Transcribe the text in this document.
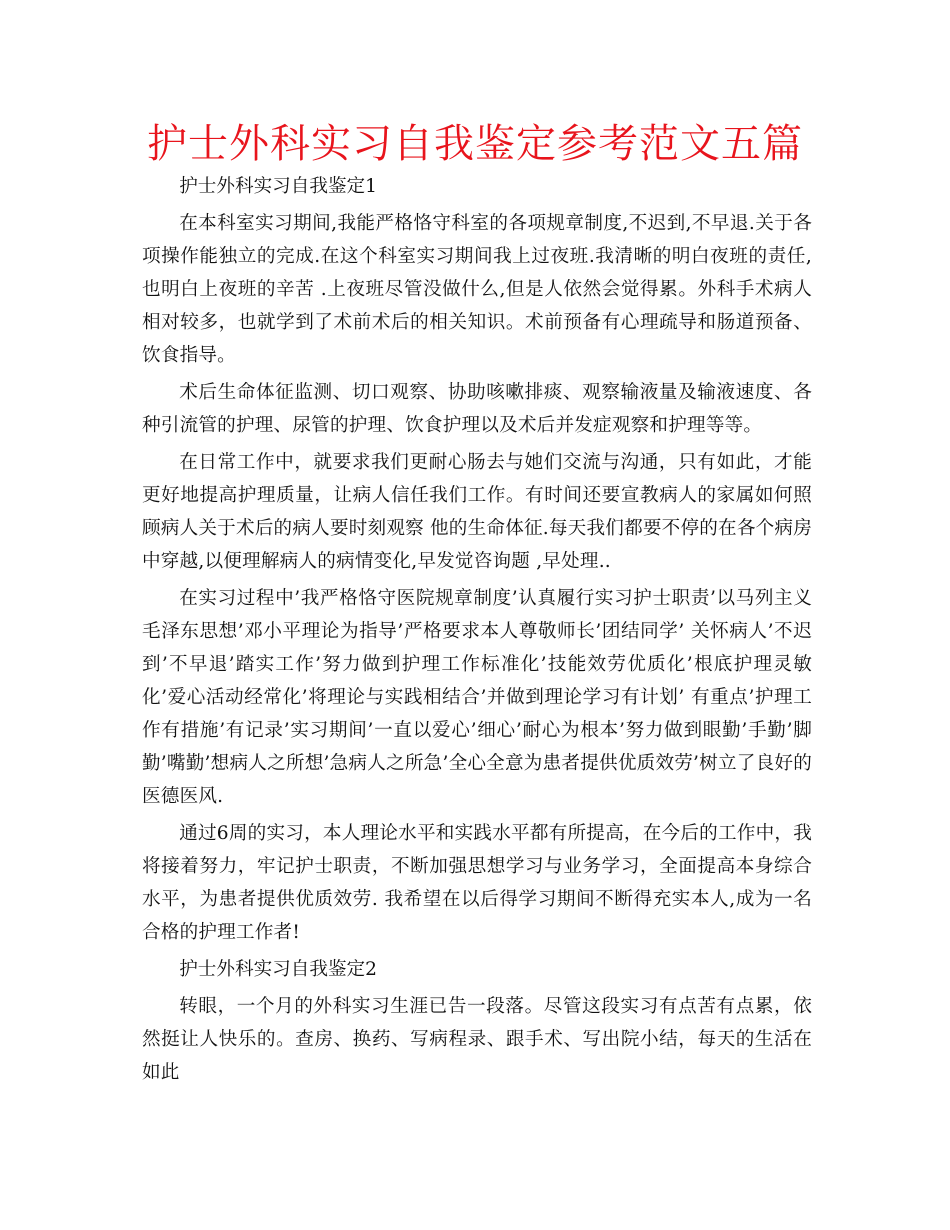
护士外科实习自我鉴定参考范文五篇
护士外科实习自我鉴定1

在本科室实习期间,我能严格恪守科室的各项规章制度,不迟到,不早退.关于各项操作能独立的完成.在这个科室实习期间我上过夜班.我清晰的明白夜班的责任,也明白上夜班的辛苦 .上夜班尽管没做什么,但是人依然会觉得累。外科手术病人相对较多，也就学到了术前术后的相关知识。术前预备有心理疏导和肠道预备、饮食指导。

术后生命体征监测、切口观察、协助咳嗽排痰、观察输液量及输液速度、各种引流管的护理、尿管的护理、饮食护理以及术后并发症观察和护理等等。

在日常工作中，就要求我们更耐心肠去与她们交流与沟通，只有如此，才能更好地提高护理质量，让病人信任我们工作。有时间还要宣教病人的家属如何照顾病人关于术后的病人要时刻观察 他的生命体征.每天我们都要不停的在各个病房中穿越,以便理解病人的病情变化,早发觉咨询题 ,早处理..

在实习过程中’我严格恪守医院规章制度’认真履行实习护士职责’以马列主义毛泽东思想’邓小平理论为指导’严格要求本人尊敬师长’团结同学’ 关怀病人’不迟到’不早退’踏实工作’努力做到护理工作标准化’技能效劳优质化’根底护理灵敏化’爱心活动经常化’将理论与实践相结合’并做到理论学习有计划’ 有重点’护理工作有措施’有记录’实习期间’一直以爱心’细心’耐心为根本’努力做到眼勤’手勤’脚勤’嘴勤’想病人之所想’急病人之所急’全心全意为患者提供优质效劳’树立了良好的医德医风.

通过6周的实习，本人理论水平和实践水平都有所提高，在今后的工作中，我将接着努力，牢记护士职责，不断加强思想学习与业务学习，全面提高本身综合水平，为患者提供优质效劳. 我希望在以后得学习期间不断得充实本人,成为一名合格的护理工作者!

护士外科实习自我鉴定2

转眼，一个月的外科实习生涯已告一段落。尽管这段实习有点苦有点累，依然挺让人快乐的。查房、换药、写病程录、跟手术、写出院小结，每天的生活在如此
